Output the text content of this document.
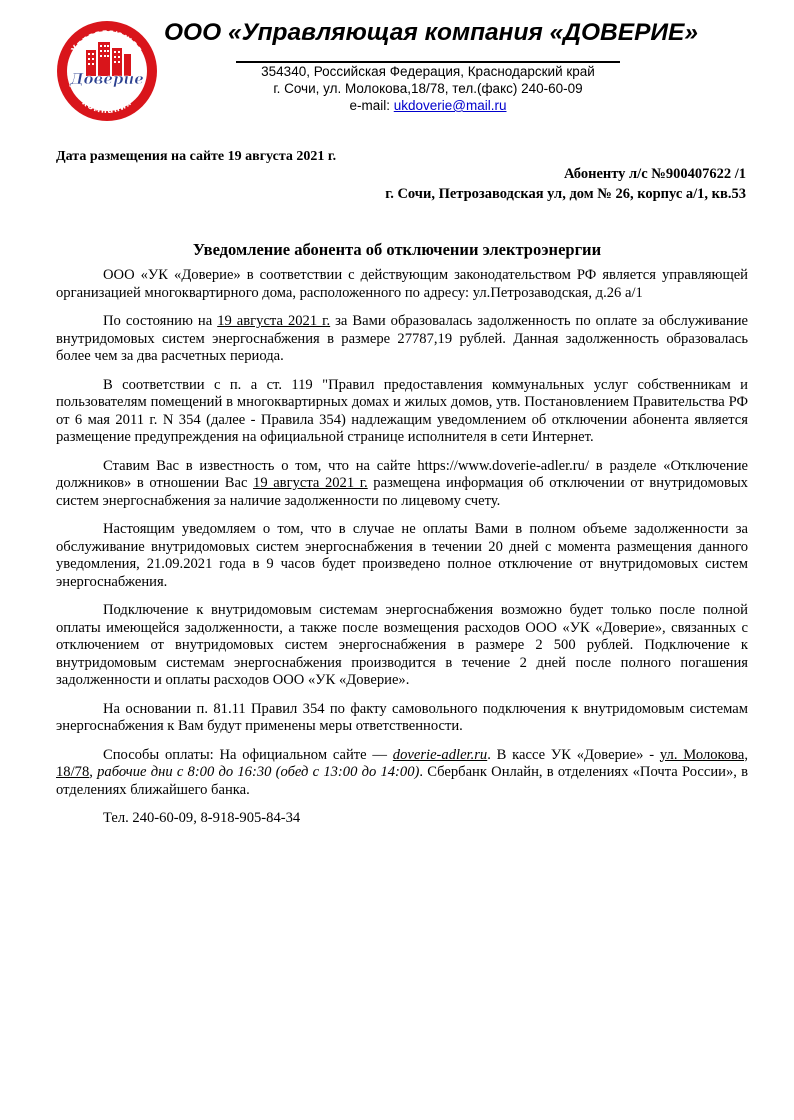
Доверие
Управляющая
компания
ООО «Управляющая компания «ДОВЕРИЕ»
354340, Российская Федерация, Краснодарский край
г. Сочи, ул. Молокова,18/78, тел.(факс) 240-60-09
e-mail: ukdoverie@mail.ru
Дата размещения на сайте 19 августа 2021 г.
Абоненту л/с №900407622 /1
г. Сочи, Петрозаводская ул, дом № 26, корпус а/1, кв.53
Уведомление абонента об отключении электроэнергии

ООО «УК «Доверие» в соответствии с действующим законодательством РФ является управляющей организацией многоквартирного дома, расположенного по адресу: ул.Петрозаводская, д.26 а/1

По состоянию на 19 августа 2021 г. за Вами образовалась задолженность по оплате за обслуживание внутридомовых систем энергоснабжения в размере 27787,19 рублей. Данная задолженность образовалась более чем за два расчетных периода.

В соответствии с п. а ст. 119 "Правил предоставления коммунальных услуг собственникам и пользователям помещений в многоквартирных домах и жилых домов, утв. Постановлением Правительства РФ от 6 мая 2011 г. N 354 (далее - Правила 354) надлежащим уведомлением об отключении абонента является размещение предупреждения на официальной странице исполнителя в сети Интернет.

Ставим Вас в известность о том, что на сайте https://www.doverie-adler.ru/ в разделе «Отключение должников» в отношении Вас 19 августа 2021 г. размещена информация об отключении от внутридомовых систем энергоснабжения за наличие задолженности по лицевому счету.

Настоящим уведомляем о том, что в случае не оплаты Вами в полном объеме задолженности за обслуживание внутридомовых систем энергоснабжения в течении 20 дней с момента размещения данного уведомления, 21.09.2021 года в 9 часов будет произведено полное отключение от внутридомовых систем энергоснабжения.

Подключение к внутридомовым системам энергоснабжения возможно будет только после полной оплаты имеющейся задолженности, а также после возмещения расходов ООО «УК «Доверие», связанных с отключением от внутридомовых систем энергоснабжения в размере 2 500 рублей. Подключение к внутридомовым системам энергоснабжения производится в течение 2 дней после полного погашения задолженности и оплаты расходов ООО «УК «Доверие».

На основании п. 81.11 Правил 354 по факту самовольного подключения к внутридомовым системам энергоснабжения к Вам будут применены меры ответственности.

Способы оплаты: На официальном сайте — doverie-adler.ru. В кассе УК «Доверие» - ул. Молокова, 18/78, рабочие дни с 8:00 до 16:30 (обед с 13:00 до 14:00). Сбербанк Онлайн, в отделениях «Почта России», в отделениях ближайшего банка.

Тел. 240-60-09, 8-918-905-84-34
